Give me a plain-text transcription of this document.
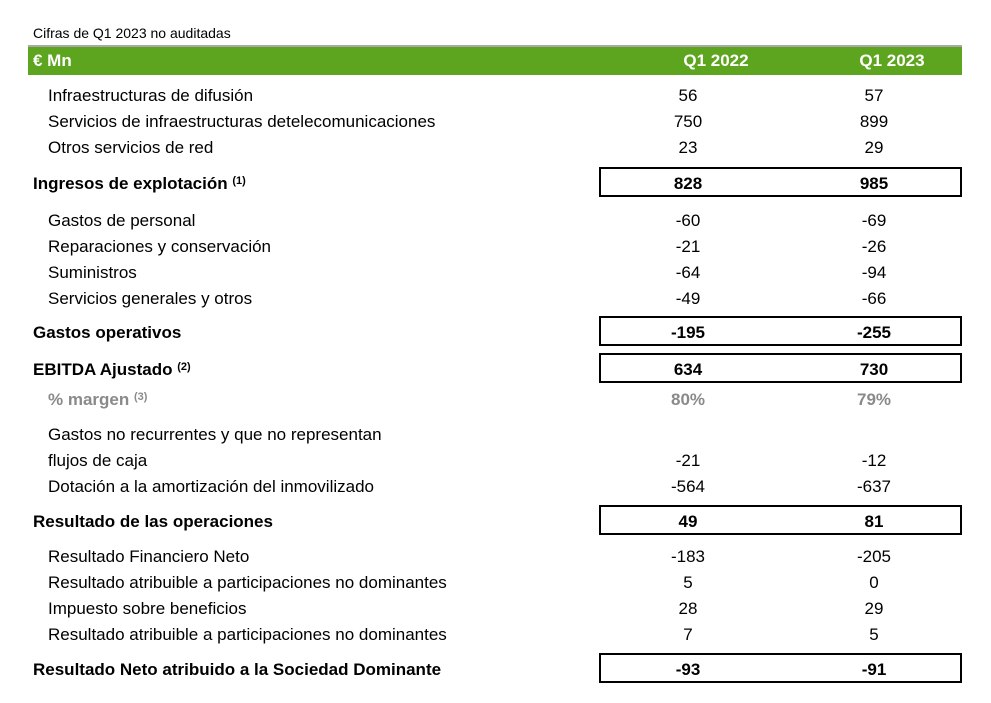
Cifras de Q1 2023 no auditadas
€ Mn	Q1 2022	Q1 2023
Infraestructuras de difusión	56	57
Servicios de infraestructuras detelecomunicaciones	750	899
Otros servicios de red	23	29
Ingresos de explotación $^{(1)}$	828	985
Gastos de personal	-60	-69
Reparaciones y conservación	-21	-26
Suministros	-64	-94
Servicios generales y otros	-49	-66
Gastos operativos	-195	-255
EBITDA Ajustado $^{(2)}$	634	730
% margen $^{(3)}$	80%	79%
Gastos no recurrentes y que no representan
flujos de caja	-21	-12
Dotación a la amortización del inmovilizado	-564	-637
Resultado de las operaciones	49	81
Resultado Financiero Neto	-183	-205
Resultado atribuible a participaciones no dominantes	5	0
Impuesto sobre beneficios	28	29
Resultado atribuible a participaciones no dominantes	7	5
Resultado Neto atribuido a la Sociedad Dominante	-93	-91
